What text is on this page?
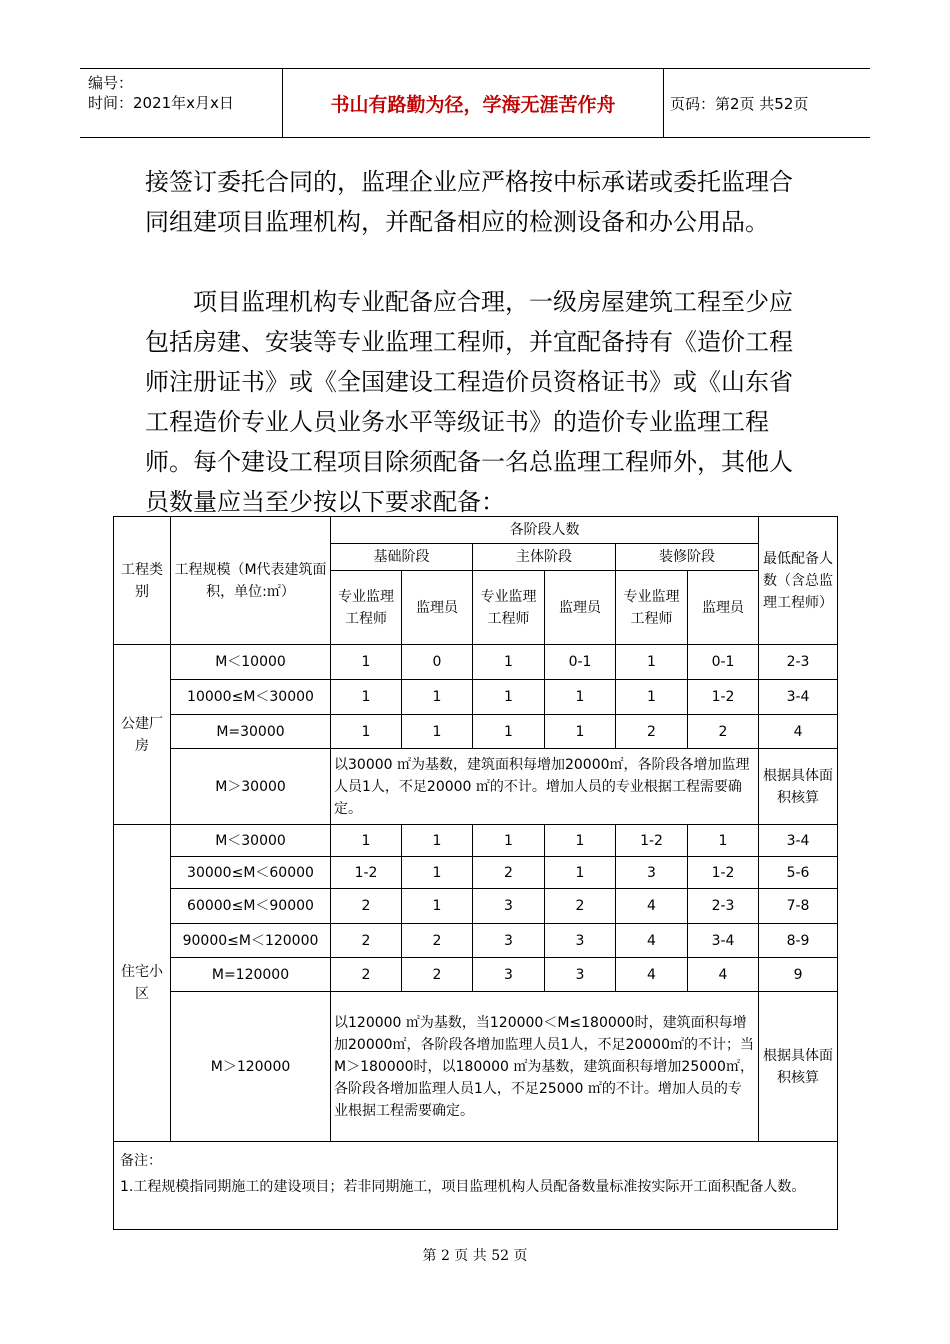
编号：
时间：2021年x月x日	书山有路勤为径，学海无涯苦作舟	页码：第2页 共52页
接签订委托合同的，监理企业应严格按中标承诺或委托监理合同组建项目监理机构，并配备相应的检测设备和办公用品。
　　项目监理机构专业配备应合理，一级房屋建筑工程至少应包括房建、安装等专业监理工程师，并宜配备持有《造价工程师注册证书》或《全国建设工程造价员资格证书》或《山东省工程造价专业人员业务水平等级证书》的造价专业监理工程师。每个建设工程项目除须配备一名总监理工程师外，其他人员数量应当至少按以下要求配备：
工程类别	工程规模（M代表建筑面积，单位:㎡）	各阶段人数						最低配备人数（含总监理工程师）
		基础阶段		主体阶段		装修阶段		
		专业监理工程师	监理员	专业监理工程师	监理员	专业监理工程师	监理员	
公建厂房	M＜10000	1	0	1	0-1	1	0-1	2-3
	10000≤M＜30000	1	1	1	1	1	1-2	3-4
	M=30000	1	1	1	1	2	2	4
	M＞30000	以30000 ㎡为基数，建筑面积每增加20000㎡，各阶段各增加监理人员1人，不足20000 ㎡的不计。增加人员的专业根据工程需要确定。						根据具体面积核算
住宅小区	M＜30000	1	1	1	1	1-2	1	3-4
	30000≤M＜60000	1-2	1	2	1	3	1-2	5-6
	60000≤M＜90000	2	1	3	2	4	2-3	7-8
	90000≤M＜120000	2	2	3	3	4	3-4	8-9
	M=120000	2	2	3	3	4	4	9
	M＞120000	以120000 ㎡为基数，当120000＜M≤180000时，建筑面积每增加20000㎡，各阶段各增加监理人员1人，不足20000㎡的不计；当M＞180000时，以180000 ㎡为基数，建筑面积每增加25000㎡，各阶段各增加监理人员1人，不足25000 ㎡的不计。增加人员的专业根据工程需要确定。						根据具体面积核算

备注：
1.工程规模指同期施工的建设项目；若非同期施工，项目监理机构人员配备数量标准按实际开工面积配备人数。								
第 2 页 共 52 页
